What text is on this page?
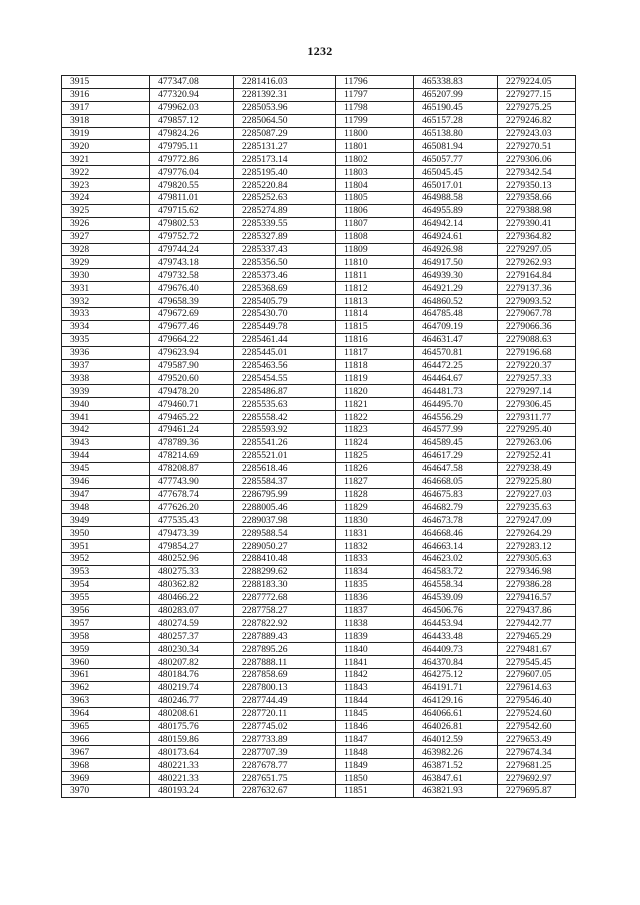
1232
3915	477347.08	2281416.03	11796	465338.83	2279224.05
3916	477320.94	2281392.31	11797	465207.99	2279277.15
3917	479962.03	2285053.96	11798	465190.45	2279275.25
3918	479857.12	2285064.50	11799	465157.28	2279246.82
3919	479824.26	2285087.29	11800	465138.80	2279243.03
3920	479795.11	2285131.27	11801	465081.94	2279270.51
3921	479772.86	2285173.14	11802	465057.77	2279306.06
3922	479776.04	2285195.40	11803	465045.45	2279342.54
3923	479820.55	2285220.84	11804	465017.01	2279350.13
3924	479811.01	2285252.63	11805	464988.58	2279358.66
3925	479715.62	2285274.89	11806	464955.89	2279388.98
3926	479802.53	2285339.55	11807	464942.14	2279390.41
3927	479752.72	2285327.89	11808	464924.61	2279364.82
3928	479744.24	2285337.43	11809	464926.98	2279297.05
3929	479743.18	2285356.50	11810	464917.50	2279262.93
3930	479732.58	2285373.46	11811	464939.30	2279164.84
3931	479676.40	2285368.69	11812	464921.29	2279137.36
3932	479658.39	2285405.79	11813	464860.52	2279093.52
3933	479672.69	2285430.70	11814	464785.48	2279067.78
3934	479677.46	2285449.78	11815	464709.19	2279066.36
3935	479664.22	2285461.44	11816	464631.47	2279088.63
3936	479623.94	2285445.01	11817	464570.81	2279196.68
3937	479587.90	2285463.56	11818	464472.25	2279220.37
3938	479520.60	2285454.55	11819	464464.67	2279257.33
3939	479478.20	2285486.87	11820	464481.73	2279297.14
3940	479460.71	2285535.63	11821	464495.70	2279306.45
3941	479465.22	2285558.42	11822	464556.29	2279311.77
3942	479461.24	2285593.92	11823	464577.99	2279295.40
3943	478789.36	2285541.26	11824	464589.45	2279263.06
3944	478214.69	2285521.01	11825	464617.29	2279252.41
3945	478208.87	2285618.46	11826	464647.58	2279238.49
3946	477743.90	2285584.37	11827	464668.05	2279225.80
3947	477678.74	2286795.99	11828	464675.83	2279227.03
3948	477626.20	2288005.46	11829	464682.79	2279235.63
3949	477535.43	2289037.98	11830	464673.78	2279247.09
3950	479473.39	2289588.54	11831	464668.46	2279264.29
3951	479854.27	2289050.27	11832	464663.14	2279283.12
3952	480252.96	2288410.48	11833	464623.02	2279305.63
3953	480275.33	2288299.62	11834	464583.72	2279346.98
3954	480362.82	2288183.30	11835	464558.34	2279386.28
3955	480466.22	2287772.68	11836	464539.09	2279416.57
3956	480283.07	2287758.27	11837	464506.76	2279437.86
3957	480274.59	2287822.92	11838	464453.94	2279442.77
3958	480257.37	2287889.43	11839	464433.48	2279465.29
3959	480230.34	2287895.26	11840	464409.73	2279481.67
3960	480207.82	2287888.11	11841	464370.84	2279545.45
3961	480184.76	2287858.69	11842	464275.12	2279607.05
3962	480219.74	2287800.13	11843	464191.71	2279614.63
3963	480246.77	2287744.49	11844	464129.16	2279546.40
3964	480208.61	2287720.11	11845	464066.61	2279524.60
3965	480175.76	2287745.02	11846	464026.81	2279542.60
3966	480159.86	2287733.89	11847	464012.59	2279653.49
3967	480173.64	2287707.39	11848	463982.26	2279674.34
3968	480221.33	2287678.77	11849	463871.52	2279681.25
3969	480221.33	2287651.75	11850	463847.61	2279692.97
3970	480193.24	2287632.67	11851	463821.93	2279695.87
